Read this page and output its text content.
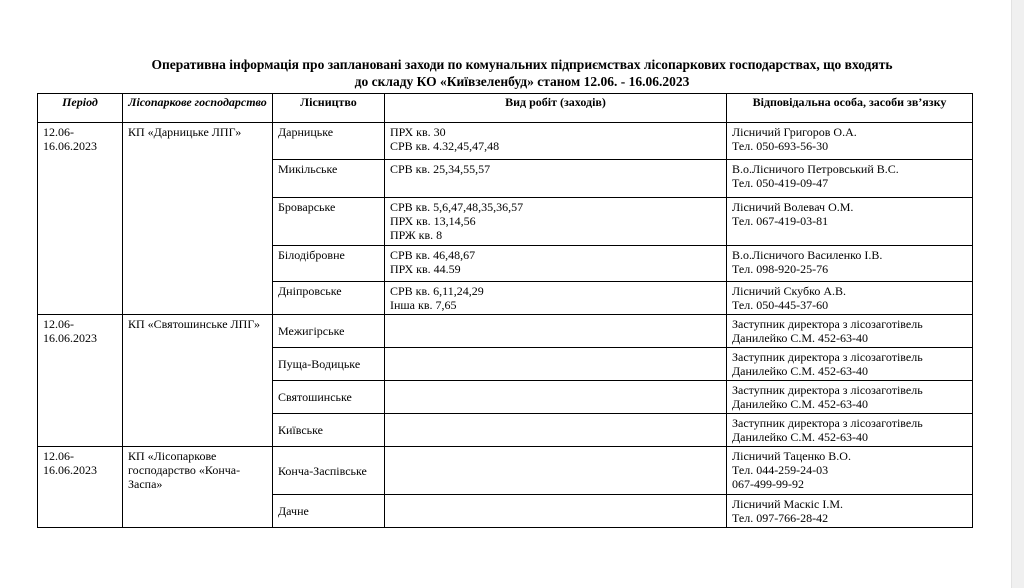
Оперативна інформація про заплановані заходи по комунальних підприємствах лісопаркових господарствах, що входять
до складу КО «Київзеленбуд» станом 12.06. - 16.06.2023
Період	Лісопаркове господарство	Лісництво	Вид робіт (заходів)	Відповідальна особа, засоби зв’язку
12.06-16.06.2023	КП «Дарницьке ЛПГ»	Дарницьке	ПРХ кв. 30
СРВ кв. 4.32,45,47,48	Лісничий Григоров О.А.
Тел. 050-693-56-30

		Микільське	СРВ кв. 25,34,55,57	В.о.Лісничого Петровський В.С.
Тел. 050-419-09-47

		Броварське	СРВ кв. 5,6,47,48,35,36,57
ПРХ кв. 13,14,56
ПРЖ кв. 8	Лісничий Волевач О.М.
Тел. 067-419-03-81

		Білодібровне	СРВ кв. 46,48,67
ПРХ кв. 44.59	В.о.Лісничого Василенко І.В.
Тел. 098-920-25-76

		Дніпровське	СРВ кв. 6,11,24,29
Інша кв. 7,65	Лісничий Скубко А.В.
Тел. 050-445-37-60

12.06-16.06.2023	КП «Святошинське ЛПГ»	Межигірське		Заступник директора з лісозаготівель
Данилейко С.М. 452-63-40

		Пуща-Водицьке		Заступник директора з лісозаготівель
Данилейко С.М. 452-63-40

		Святошинське		Заступник директора з лісозаготівель
Данилейко С.М. 452-63-40

		Київське		Заступник директора з лісозаготівель
Данилейко С.М. 452-63-40

12.06-16.06.2023	КП «Лісопаркове господарство «Конча-Заспа»	Конча-Заспівське		Лісничий Таценко В.О.
Тел. 044-259-24-03
067-499-99-92

		Дачне		Лісничий Маскіс І.М.
Тел. 097-766-28-42
